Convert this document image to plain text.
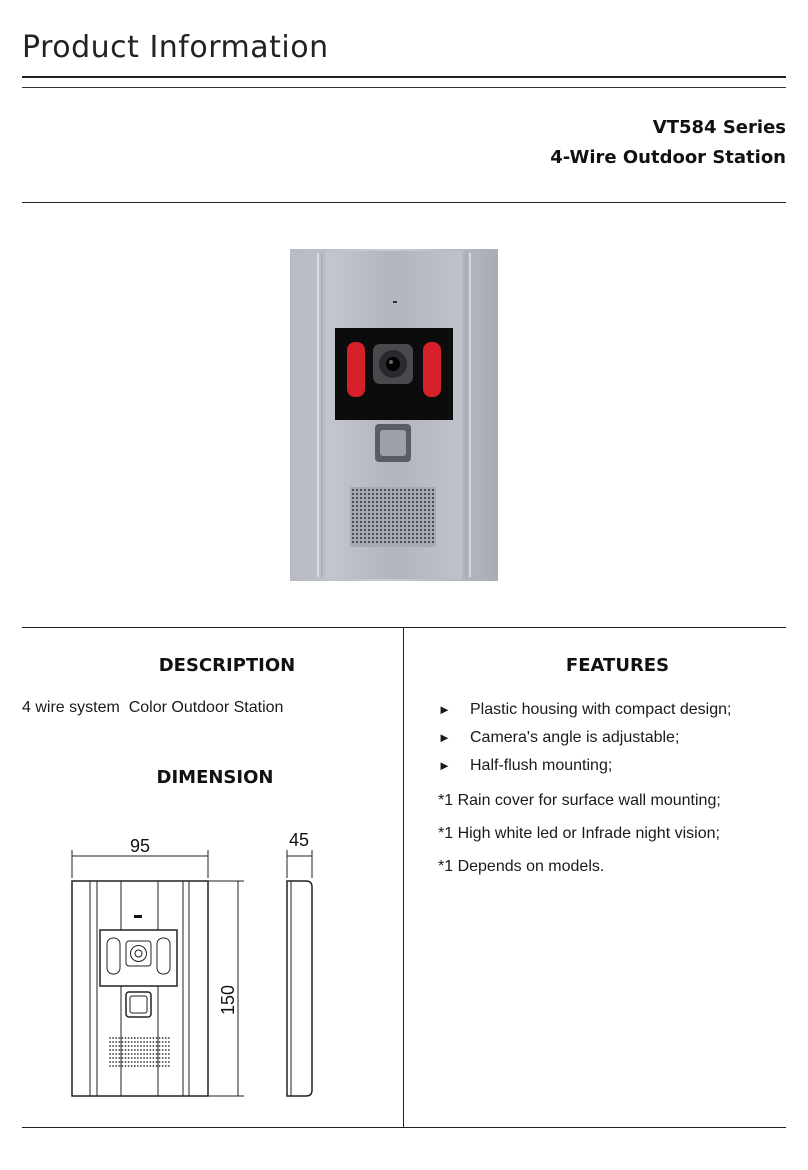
Product Information
VT584 Series
4-Wire Outdoor Station
DESCRIPTION
4 wire system  Color Outdoor Station
DIMENSION
95	45
150
FEATURES
► Plastic housing with compact design;
► Camera's angle is adjustable;
► Half-flush mounting;
*1 Rain cover for surface wall mounting;
*1 High white led or Infrade night vision;
*1 Depends on models.
